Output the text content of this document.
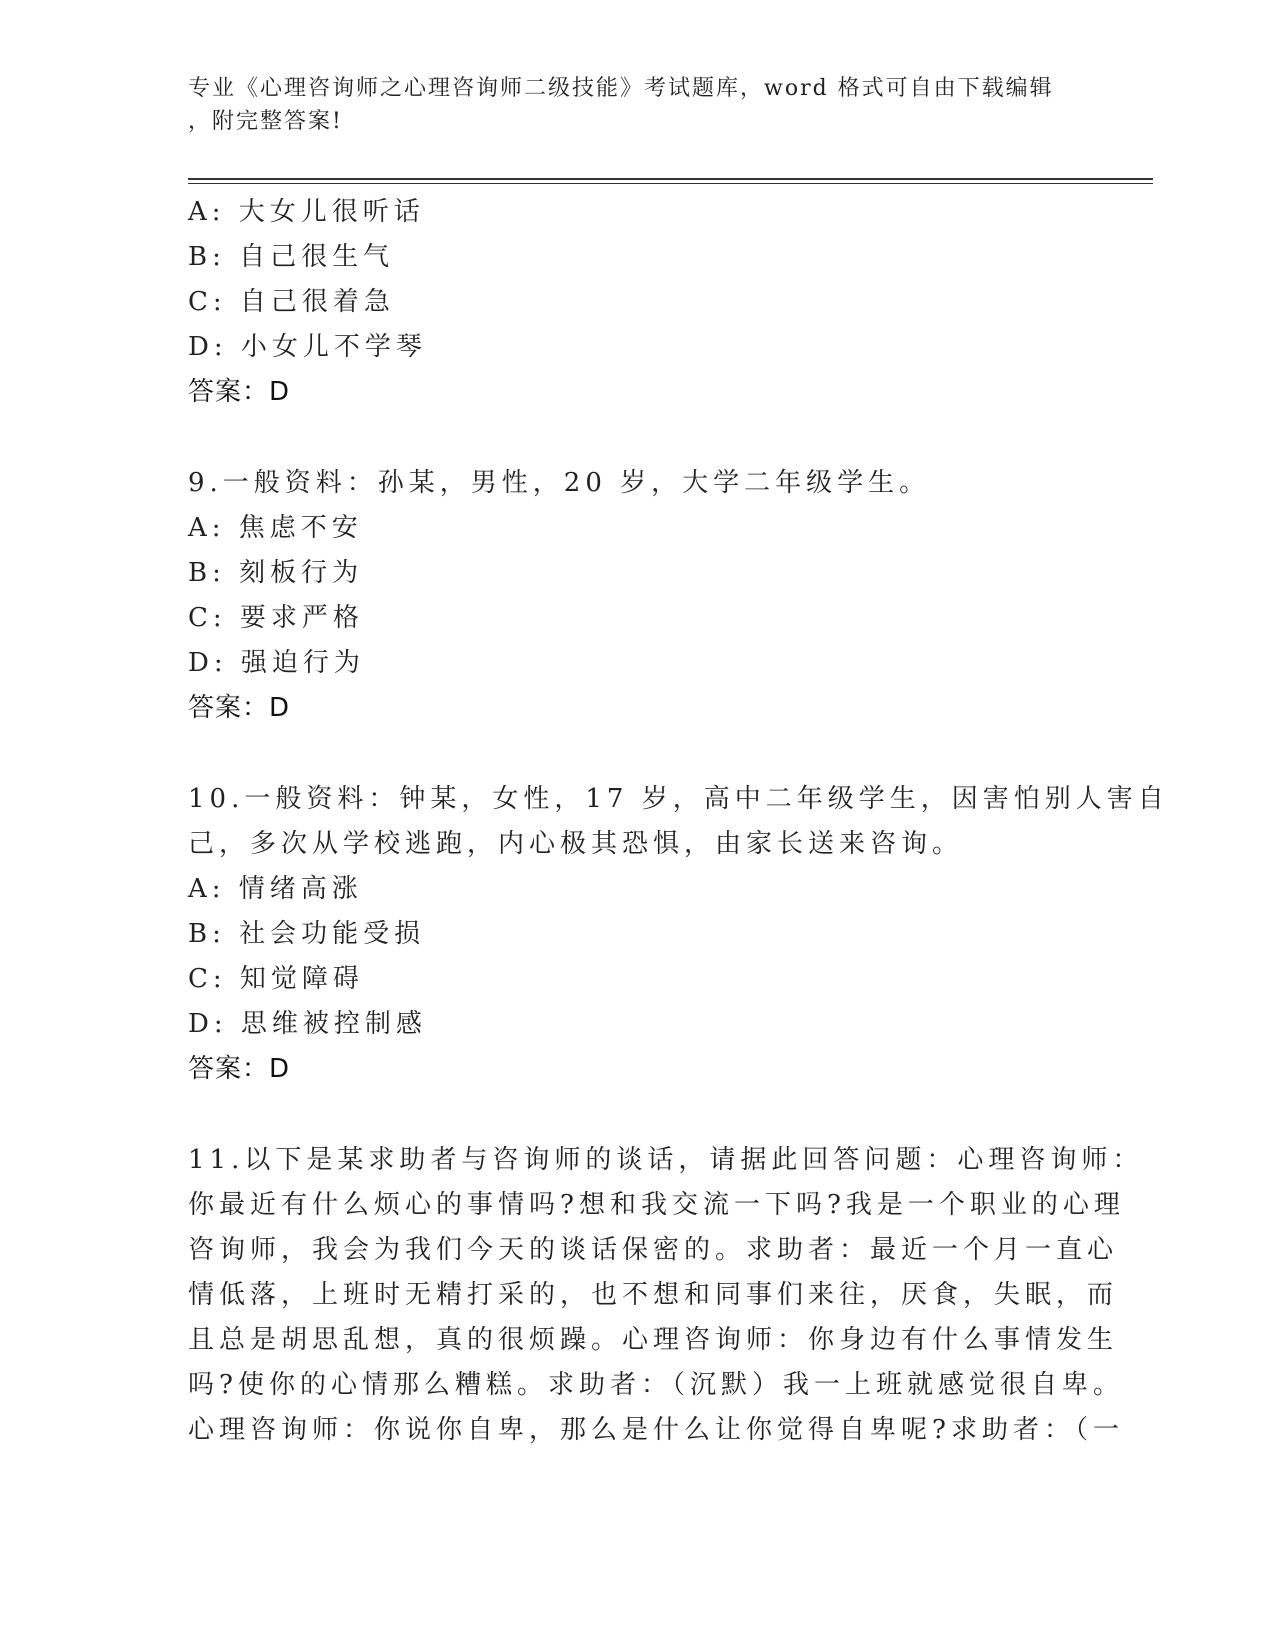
专业《心理咨询师之心理咨询师二级技能》考试题库，word 格式可自由下载编辑
，附完整答案!
A: 大女儿很听话
B: 自己很生气
C: 自己很着急
D: 小女儿不学琴
答案：D
9.一般资料：孙某，男性，20 岁，大学二年级学生。
A: 焦虑不安
B: 刻板行为
C: 要求严格
D: 强迫行为
答案：D
10.一般资料：钟某，女性，17 岁，高中二年级学生，因害怕别人害自
己，多次从学校逃跑，内心极其恐惧，由家长送来咨询。
A: 情绪高涨
B: 社会功能受损
C: 知觉障碍
D: 思维被控制感
答案：D
11.以下是某求助者与咨询师的谈话，请据此回答问题：心理咨询师：
你最近有什么烦心的事情吗?想和我交流一下吗?我是一个职业的心理
咨询师，我会为我们今天的谈话保密的。求助者：最近一个月一直心
情低落，上班时无精打采的，也不想和同事们来往，厌食，失眠，而
且总是胡思乱想，真的很烦躁。心理咨询师：你身边有什么事情发生
吗?使你的心情那么糟糕。求助者：（沉默）我一上班就感觉很自卑。
心理咨询师：你说你自卑，那么是什么让你觉得自卑呢?求助者：（一
